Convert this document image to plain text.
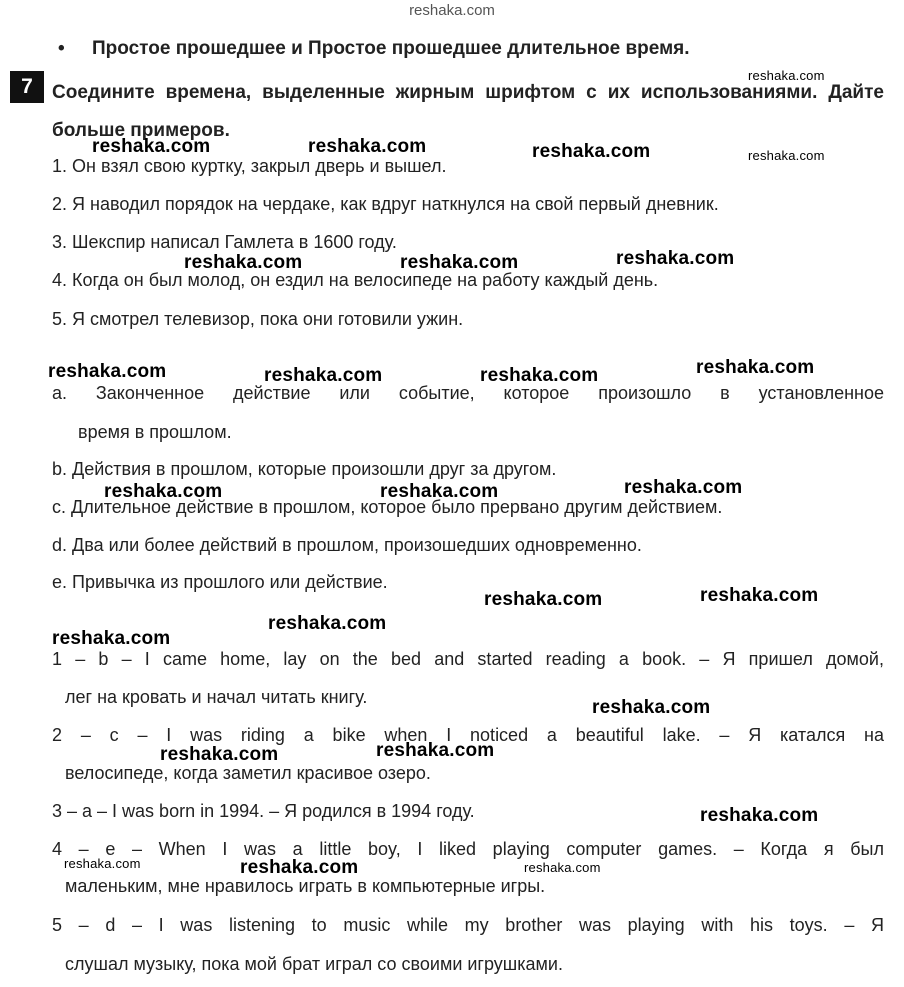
reshaka.com
• Простое прошедшее и Простое прошедшее длительное время.
7	Соедините времена, выделенные жирным шрифтом с их использованиями. Дайте больше примеров.
1. Он взял свою куртку, закрыл дверь и вышел.
2. Я наводил порядок на чердаке, как вдруг наткнулся на свой первый дневник.
3. Шекспир написал Гамлета в 1600 году.
4. Когда он был молод, он ездил на велосипеде на работу каждый день.
5. Я смотрел телевизор, пока они готовили ужин.
a. Законченное действие или событие, которое произошло в установленное
время в прошлом.
b. Действия в прошлом, которые произошли друг за другом.
c. Длительное действие в прошлом, которое было прервано другим действием.
d. Два или более действий в прошлом, произошедших одновременно.
e. Привычка из прошлого или действие.
1 – b – I came home, lay on the bed and started reading a book. – Я пришел домой,
лег на кровать и начал читать книгу.
2 – c – I was riding a bike when I noticed a beautiful lake. – Я катался на
велосипеде, когда заметил красивое озеро.
3 – a – I was born in 1994. – Я родился в 1994 году.
4 – e – When I was a little boy, I liked playing computer games. – Когда я был
маленьким, мне нравилось играть в компьютерные игры.
5 – d – I was listening to music while my brother was playing with his toys. – Я
слушал музыку, пока мой брат играл со своими игрушками.
reshaka.com
reshaka.com	reshaka.com	reshaka.com	reshaka.com
reshaka.com	reshaka.com	reshaka.com
reshaka.com	reshaka.com	reshaka.com	reshaka.com
reshaka.com	reshaka.com	reshaka.com
reshaka.com	reshaka.com
reshaka.com
reshaka.com
reshaka.com
reshaka.com	reshaka.com
reshaka.com
reshaka.com	reshaka.com	reshaka.com
